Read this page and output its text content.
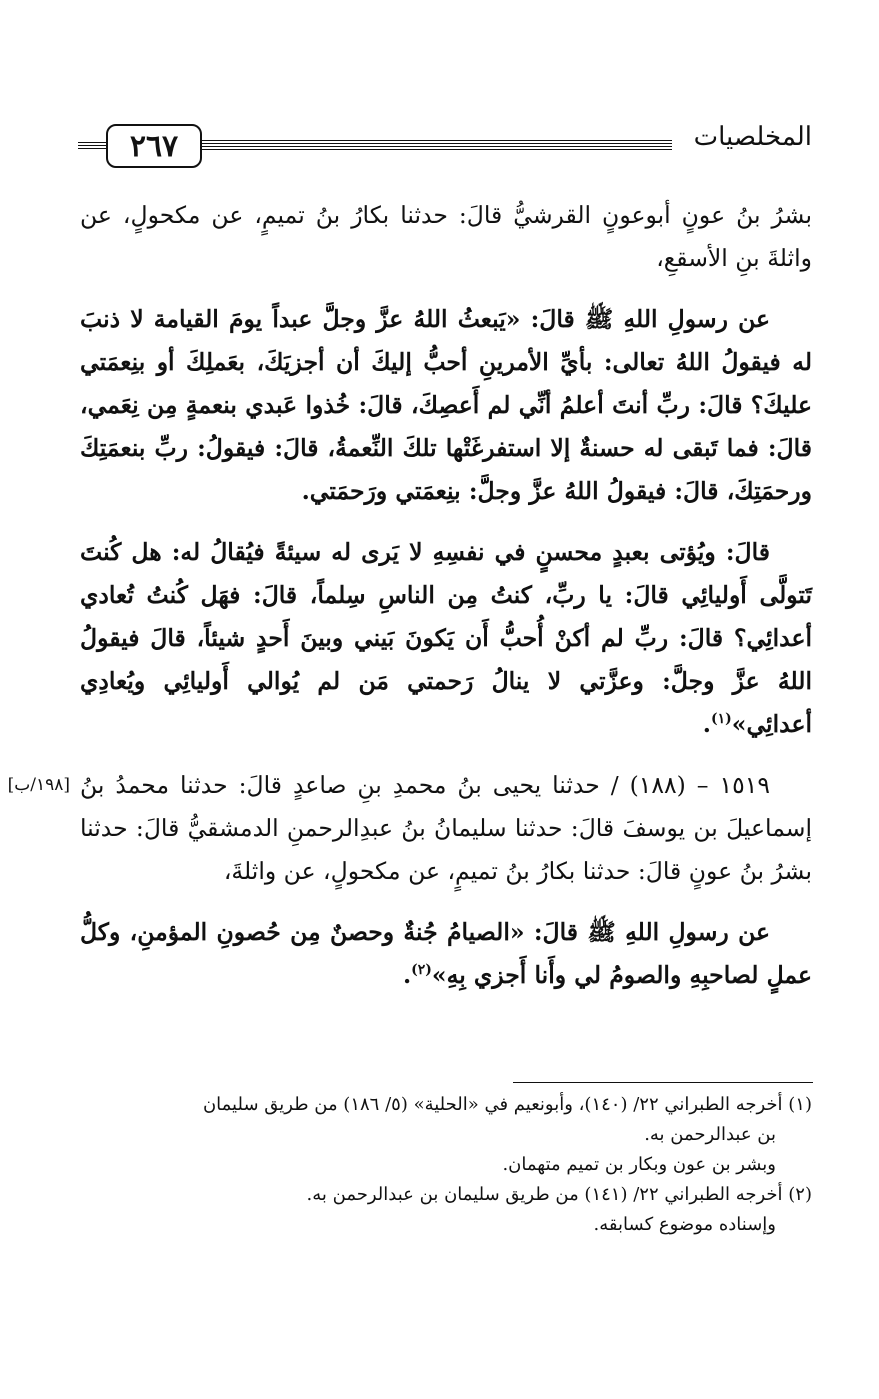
٢٦٧	المخلصيات

بشرُ بنُ عونٍ أبوعونٍ القرشيُّ قالَ: حدثنا بكارُ بنُ تميمٍ، عن مكحولٍ، عن واثلةَ بنِ الأسقعِ،

عن رسولِ اللهِ ﷺ قالَ: «يَبعثُ اللهُ عزَّ وجلَّ عبداً يومَ القيامة لا ذنبَ له فيقولُ اللهُ تعالى: بأيِّ الأمرينِ أحبُّ إليكَ أن أجزيَكَ، بعَملِكَ أو بنِعمَتي عليكَ؟ قالَ: ربِّ أنتَ أعلمُ أنِّي لم أَعصِكَ، قالَ: خُذوا عَبدي بنعمةٍ مِن نِعَمي، قالَ: فما تَبقى له حسنةٌ إلا استفرغَتْها تلكَ النِّعمةُ، قالَ: فيقولُ: ربِّ بنعمَتِكَ ورحمَتِكَ، قالَ: فيقولُ اللهُ عزَّ وجلَّ: بنِعمَتي ورَحمَتي.

قالَ: ويُؤتى بعبدٍ محسنٍ في نفسِهِ لا يَرى له سيئةً فيُقالُ له: هل كُنتَ تَتولَّى أَوليائِي قالَ: يا ربِّ، كنتُ مِن الناسِ سِلماً، قالَ: فهَل كُنتُ تُعادي أعدائِي؟ قالَ: ربِّ لم أكنْ أُحبُّ أَن يَكونَ بَيني وبينَ أَحدٍ شيئاً، قالَ فيقولُ اللهُ عزَّ وجلَّ: وعزَّتي لا ينالُ رَحمتي مَن لم يُوالي أَوليائِي ويُعادِي أعدائِي»$^{(١)}$.

[١٩٨/ب] ١٥١٩ – (١٨٨) / حدثنا يحيى بنُ محمدِ بنِ صاعدٍ قالَ: حدثنا محمدُ بنُ إسماعيلَ بن يوسفَ قالَ: حدثنا سليمانُ بنُ عبدِالرحمنِ الدمشقيُّ قالَ: حدثنا بشرُ بنُ عونٍ قالَ: حدثنا بكارُ بنُ تميمٍ، عن مكحولٍ، عن واثلةَ،

عن رسولِ اللهِ ﷺ قالَ: «الصيامُ جُنةٌ وحصنٌ مِن حُصونِ المؤمنِ، وكلُّ عملٍ لصاحبِهِ والصومُ لي وأَنا أَجزي بِهِ»$^{(٢)}$.

(١) أخرجه الطبراني ٢٢/ (١٤٠)، وأبونعيم في «الحلية» (٥/ ١٨٦) من طريق سليمان

بن عبدالرحمن به.

وبشر بن عون وبكار بن تميم متهمان.

(٢) أخرجه الطبراني ٢٢/ (١٤١) من طريق سليمان بن عبدالرحمن به.

وإسناده موضوع كسابقه.
